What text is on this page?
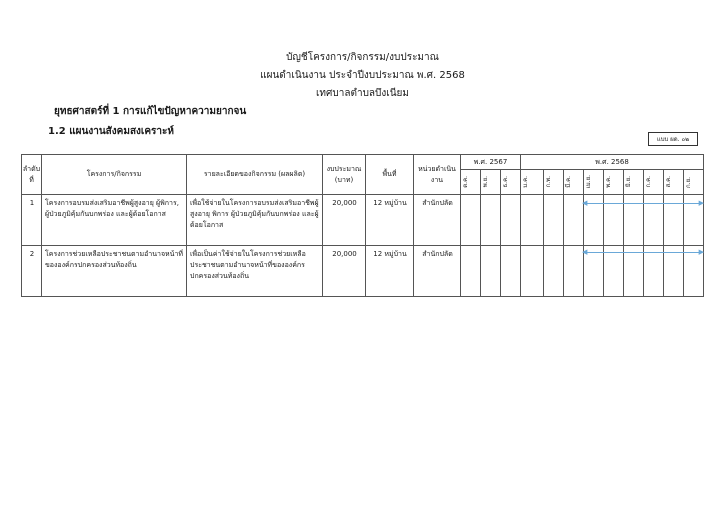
บัญชีโครงการ/กิจกรรม/งบประมาณ
แผนดำเนินงาน ประจำปีงบประมาณ พ.ศ. 2568
เทศบาลตำบลบึงเนียม
ยุทธศาสตร์ที่ 1 การแก้ไขปัญหาความยากจน
1.2 แผนงานสังคมสงเคราะห์
แบบ ผด. ๐๒
ลำดับที่	โครงการ/กิจกรรม	รายละเอียดของกิจกรรม (ผลผลิต)	งบประมาณ (บาท)	พื้นที่	หน่วยดำเนินงาน	พ.ศ. 2567			พ.ศ. 2568								

						ต.ค.	พ.ย.	ธ.ค.	ม.ค.	ก.พ.	มี.ค.	เม.ย.	พ.ค.	มิ.ย.	ก.ค.	ส.ค.	ก.ย.

1	โครงการอบรมส่งเสริมอาชีพผู้สูงอายุ ผู้พิการ, ผู้ป่วยภูมิคุ้มกันบกพร่อง และผู้ด้อยโอกาส	เพื่อใช้จ่ายในโครงการอบรมส่งเสริมอาชีพผู้สูงอายุ พิการ ผู้ป่วยภูมิคุ้มกันบกพร่อง และผู้ด้อยโอกาส	20,000	12 หมู่บ้าน	สำนักปลัด							◀ ▶					

2	โครงการช่วยเหลือประชาชนตามอำนาจหน้าที่ขององค์กรปกครองส่วนท้องถิ่น	เพื่อเป็นค่าใช้จ่ายในโครงการช่วยเหลือประชาชนตามอำนาจหน้าที่ขององค์กรปกครองส่วนท้องถิ่น	20,000	12 หมู่บ้าน	สำนักปลัด							◀ ▶					
